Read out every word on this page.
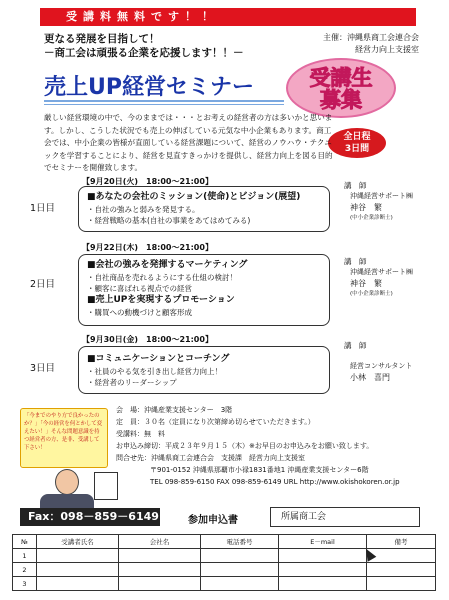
受講料無料です！！
更なる発展を目指して！
－商工会は頑張る企業を応援します！！－
主催：沖縄県商工会連合会
経営力向上支援室
売上UP経営セミナー	受講生
募集
全日程
3日間
厳しい経営環境の中で、今のままでは・・・とお考えの経営者の方は多いかと思います。しかし、こうした状況でも売上の伸ばしている元気な中小企業もあります。商工会では、中小企業の皆様が直面している経営課題について、経営のノウハウ・テクニックを学習することにより、経営を見直すきっかけを提供し、経営力向上を図る目的でセミナーを開催致します。
1日目
【9月20日(火)　18:00～21:00】
■あなたの会社のミッション(使命)とビジョン(展望)
・自社の強みと弱みを発見する。
・経営戦略の基本(自社の事業をあてはめてみる)
講　師
沖縄経営サポート㈱
神谷　繁
(中小企業診断士)
2日目
【9月22日(木)　18:00～21:00】
■会社の強みを発揮するマーケティング
・自社商品を売れるようにする仕組の検討！
・顧客に喜ばれる視点での経営
■売上UPを実現するプロモーション
・購買への動機づけと顧客形成
講　師
沖縄経営サポート㈱
神谷　繁
(中小企業診断士)
3日目
【9月30日(金)　18:00～21:00】
■コミュニケーションとコーチング
・社員のやる気を引き出し経営力向上！
・経営者のリーダーシップ
講　師
経営コンサルタント
小林　喜門
「今までのやり方で良かったのか？」「今の経営を何とかして変えたい！」そんな問題意識を持つ経営者の方、是非、受講して下さい！
会　場：沖縄産業支援センター　3階
定　員：３０名（定員になり次第締め切らせていただきます。）
受講料：無　料
お申込み締切：平成２３年９月１５（木）※お早目のお申込みをお願い致します。
問合せ先：沖縄県商工会連合会　支援課　経営力向上支援室
〒901-0152 沖縄県那覇市小禄1831番地1 沖縄産業支援センター6階
TEL 098-859-6150 FAX 098-859-6149 URL http://www.okishokoren.or.jp
Fax：098－859－6149	参加申込書	所属商工会
№	受講者氏名	会社名	電話番号	E－mail	備考
1					
2					
3					
